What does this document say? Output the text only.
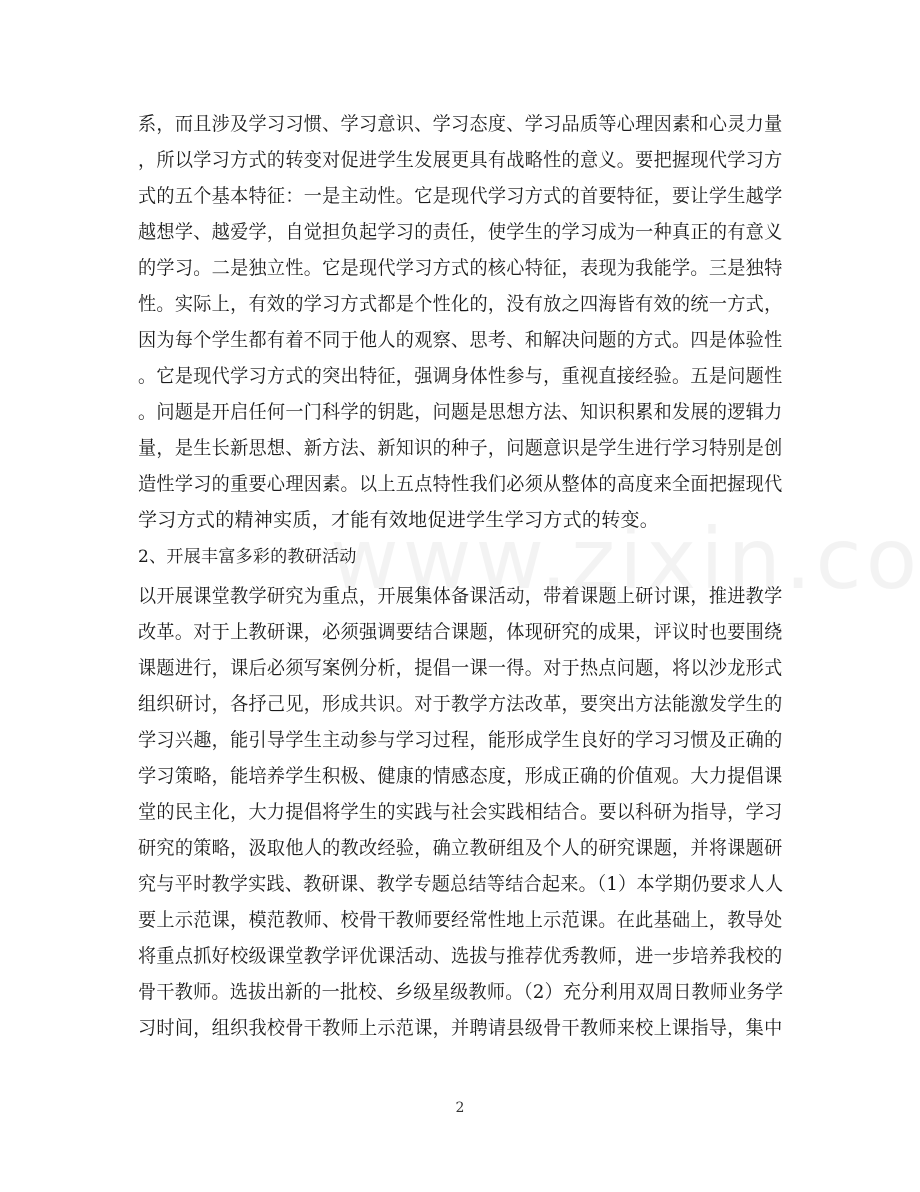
系，而且涉及学习习惯、学习意识、学习态度、学习品质等心理因素和心灵力量
，所以学习方式的转变对促进学生发展更具有战略性的意义。要把握现代学习方
式的五个基本特征：一是主动性。它是现代学习方式的首要特征，要让学生越学
越想学、越爱学，自觉担负起学习的责任，使学生的学习成为一种真正的有意义
的学习。二是独立性。它是现代学习方式的核心特征，表现为我能学。三是独特
性。实际上，有效的学习方式都是个性化的，没有放之四海皆有效的统一方式，
因为每个学生都有着不同于他人的观察、思考、和解决问题的方式。四是体验性
。它是现代学习方式的突出特征，强调身体性参与，重视直接经验。五是问题性
。问题是开启任何一门科学的钥匙，问题是思想方法、知识积累和发展的逻辑力
量，是生长新思想、新方法、新知识的种子，问题意识是学生进行学习特别是创
造性学习的重要心理因素。以上五点特性我们必须从整体的高度来全面把握现代
学习方式的精神实质，才能有效地促进学生学习方式的转变。
2、开展丰富多彩的教研活动
以开展课堂教学研究为重点，开展集体备课活动，带着课题上研讨课，推进教学
改革。对于上教研课，必须强调要结合课题，体现研究的成果，评议时也要围绕
课题进行，课后必须写案例分析，提倡一课一得。对于热点问题，将以沙龙形式
组织研讨，各抒己见，形成共识。对于教学方法改革，要突出方法能激发学生的
学习兴趣，能引导学生主动参与学习过程，能形成学生良好的学习习惯及正确的
学习策略，能培养学生积极、健康的情感态度，形成正确的价值观。大力提倡课
堂的民主化，大力提倡将学生的实践与社会实践相结合。要以科研为指导，学习
研究的策略，汲取他人的教改经验，确立教研组及个人的研究课题，并将课题研
究与平时教学实践、教研课、教学专题总结等结合起来。（1）本学期仍要求人人
要上示范课，模范教师、校骨干教师要经常性地上示范课。在此基础上，教导处
将重点抓好校级课堂教学评优课活动、选拔与推荐优秀教师，进一步培养我校的
骨干教师。选拔出新的一批校、乡级星级教师。（2）充分利用双周日教师业务学
习时间，组织我校骨干教师上示范课，并聘请县级骨干教师来校上课指导，集中
2
